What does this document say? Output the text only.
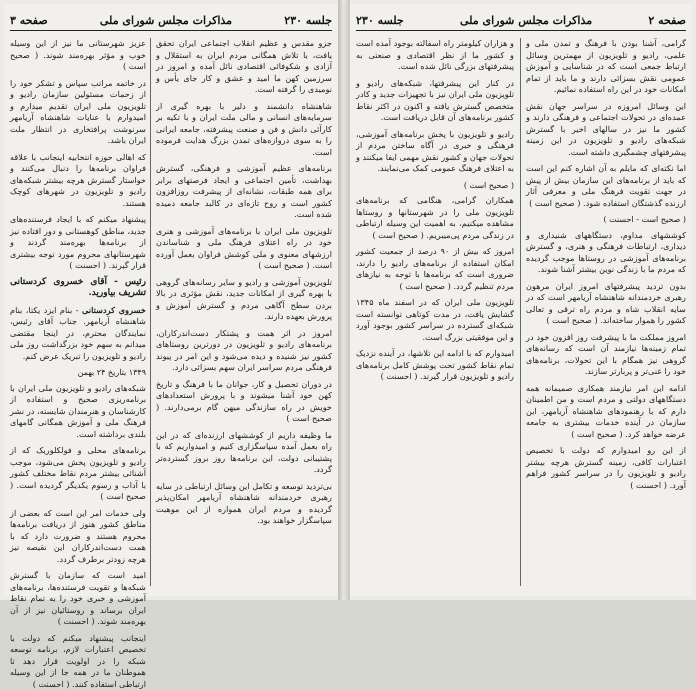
جلسه ۲۳۰
مذاکرات مجلس شورای ملی
صفحه ۳

جزو مقدس و عظیم انقلاب اجتماعی ایران تحقق یافت، با تلاش همگانی مردم ایران به استقلال و آزادی و شکوفائی اقتصادی نائل آمده و امروز در سرزمین کهن ما امید و عشق و کار جای یأس و نومیدی را گرفته است.

شاهنشاه دانشمند و دلیر با بهره گیری از سرمایه‌های انسانی و مالی ملت ایران و با تکیه بر کارآئی دانش و فن و صنعت پیشرفته، جامعه ایرانی را به سوی دروازه‌های تمدن بزرگ هدایت فرموده است.

برنامه‌های عظیم آموزشی و فرهنگی، گسترش بهداشت، تأمین اجتماعی و ایجاد فرصتهای برابر برای همه طبقات، نشانه‌ای از پیشرفت روزافزون کشور است و روح تازه‌ای در کالبد جامعه دمیده شده است.

تلویزیون ملی ایران با برنامه‌های آموزشی و هنری خود در راه اعتلای فرهنگ ملی و شناساندن ارزشهای معنوی و ملی کوشش فراوان بعمل آورده است. ( صحیح است )

تلویزیون آموزشی و رادیو و سایر رسانه‌های گروهی با بهره گیری از امکانات جدید، نقش مؤثری در بالا بردن سطح آگاهی مردم و گسترش آموزش و پرورش بعهده دارند.

امروز در اثر همت و پشتکار دست‌اندرکاران، برنامه‌های رادیو و تلویزیون در دورترین روستاهای کشور نیز شنیده و دیده می‌شود و این امر در پیوند فرهنگی مردم سراسر ایران سهم بسزائی دارد.

در دوران تحصیل و کار، جوانان ما با فرهنگ و تاریخ کهن خود آشنا میشوند و با پرورش استعدادهای خویش در راه سازندگی میهن گام برمی‌دارند. ( صحیح است )

ما وظیفه داریم از کوششهای ارزنده‌ای که در این راه بعمل آمده سپاسگزاری کنیم و امیدواریم که با پشتیبانی دولت، این برنامه‌ها روز بروز گسترده‌تر گردد.

بی‌تردید توسعه و تکامل این وسائل ارتباطی در سایه رهبری خردمندانه شاهنشاه آریامهر امکان‌پذیر گردیده و مردم ایران همواره از این موهبت سپاسگزار خواهند بود.

عزیز شهرستانی ما نیز از این وسیله خوب و مؤثر بهره‌مند شوند. ( صحیح است )

در خاتمه مراتب سپاس و تشکر خود را از زحمات مسئولین سازمان رادیو و تلویزیون ملی ایران تقدیم میدارم و امیدوارم با عنایات شاهنشاه آریامهر سرنوشت پرافتخاری در انتظار ملت ایران باشد.

که اهالی حوزه انتخابیه اینجانب با علاقه فراوان برنامه‌ها را دنبال می‌کنند و خواستار گسترش هرچه بیشتر شبکه‌های رادیو و تلویزیون در شهرهای کوچک هستند.

پیشنهاد میکنم که با ایجاد فرستنده‌های جدید، مناطق کوهستانی و دور افتاده نیز از برنامه‌ها بهره‌مند گردند و شهرستانهای محروم مورد توجه بیشتری قرار گیرند. ( احسنت )

رئیس - آقای خسروی کردستانی تشریف بیاورید.

خسروی کردستانی - بنام ایزد یکتا، بنام شاهنشاه آریامهر. جناب آقای رئیس، نمایندگان محترم، در اینجا مقتضی میدانم به سهم خود بزرگداشت روز ملی رادیو و تلویزیون را تبریک عرض کنم.

۱۳۴۹ بتاریخ ۲۴ بهمن

شبکه‌های رادیو و تلویزیون ملی ایران با برنامه‌ریزی صحیح و استفاده از کارشناسان و هنرمندان شایسته، در نشر فرهنگ ملی و آموزش همگانی گامهای بلندی برداشته است.

برنامه‌های محلی و فولکلوریک که از رادیو و تلویزیون پخش می‌شود، موجب آشنائی بیشتر مردم نقاط مختلف کشور با آداب و رسوم یکدیگر گردیده است. ( صحیح است )

ولی خدمات امر این است که بعضی از مناطق کشور هنوز از دریافت برنامه‌ها محروم هستند و ضرورت دارد که با همت دست‌اندرکاران این نقیصه نیز هرچه زودتر برطرف گردد.

امید است که سازمان با گسترش شبکه‌ها و تقویت فرستنده‌ها، برنامه‌های آموزشی و خبری خود را به تمام نقاط ایران برساند و روستائیان نیز از آن بهره‌مند شوند. ( احسنت )

اینجانب پیشنهاد میکنم که دولت با تخصیص اعتبارات لازم، برنامه توسعه شبکه را در اولویت قرار دهد تا هموطنان ما در همه جا از این وسیله ارتباطی استفاده کنند. ( احسنت )

صفحه ۲
مذاکرات مجلس شورای ملی
جلسه ۲۳۰

گرامی، آشنا بودن با فرهنگ و تمدن ملی و علمی، رادیو و تلویزیون از مهمترین وسائل ارتباط جمعی است که در شناسایی و آموزش عمومی نقش بسزائی دارند و ما باید از تمام امکانات خود در این راه استفاده نمائیم.

این وسائل امروزه در سراسر جهان نقش عمده‌ای در تحولات اجتماعی و فرهنگی دارند و کشور ما نیز در سالهای اخیر با گسترش شبکه‌های رادیو و تلویزیون در این زمینه پیشرفتهای چشمگیری داشته است.

اما نکته‌ای که مایلم به آن اشاره کنم این است که باید از برنامه‌های این سازمان بیش از پیش در جهت تقویت فرهنگ ملی و معرفی آثار ارزنده گذشتگان استفاده شود. ( صحیح است )

( صحیح است - احسنت )

کوششهای مداوم، دستگاههای شنیداری و دیداری، ارتباطات فرهنگی و هنری، و گسترش برنامه‌های آموزشی در روستاها موجب گردیده که مردم ما با زندگی نوین بیشتر آشنا شوند.

بدون تردید پیشرفتهای امروز ایران مرهون رهبری خردمندانه شاهنشاه آریامهر است که در سایه انقلاب شاه و مردم راه ترقی و تعالی کشور را هموار ساخته‌اند. ( صحیح است )

امروز مملکت ما با پیشرفت روز افزون خود در تمام زمینه‌ها نیازمند آن است که رسانه‌های گروهی نیز همگام با این تحولات، برنامه‌های خود را غنی‌تر و پربارتر سازند.

ادامه این امر نیازمند همکاری صمیمانه همه دستگاههای دولتی و مردم است و من اطمینان دارم که با رهنمودهای شاهنشاه آریامهر، این سازمان در آینده خدمات بیشتری به جامعه عرضه خواهد کرد. ( صحیح است )

از این رو امیدوارم که دولت با تخصیص اعتبارات کافی، زمینه گسترش هرچه بیشتر رادیو و تلویزیون را در سراسر کشور فراهم آورد. ( احسنت )

و هزاران کیلومتر راه اسفالته بوجود آمده است و کشور ما از نظر اقتصادی و صنعتی به پیشرفتهای بزرگی نائل شده است.

در کنار این پیشرفتها، شبکه‌های رادیو و تلویزیون ملی ایران نیز با تجهیزات جدید و کادر متخصص گسترش یافته و اکنون در اکثر نقاط کشور برنامه‌های آن قابل دریافت است.

رادیو و تلویزیون با پخش برنامه‌های آموزشی، فرهنگی و خبری در آگاه ساختن مردم از تحولات جهان و کشور نقش مهمی ایفا میکنند و به اعتلای فرهنگ عمومی کمک می‌نمایند.

( صحیح است )

همکاران گرامی، هنگامی که برنامه‌های تلویزیون ملی را در شهرستانها و روستاها مشاهده میکنیم، به اهمیت این وسیله ارتباطی در زندگی مردم پی‌میبریم. ( صحیح است )

امروز که بیش از ۹۰ درصد از جمعیت کشور امکان استفاده از برنامه‌های رادیو را دارند، ضروری است که برنامه‌ها با توجه به نیازهای مردم تنظیم گردد. ( صحیح است )

تلویزیون ملی ایران که در اسفند ماه ۱۳۴۵ گشایش یافت، در مدت کوتاهی توانسته است شبکه‌ای گسترده در سراسر کشور بوجود آورد و این موفقیتی بزرگ است.

امیدوارم که با ادامه این تلاشها، در آینده نزدیک تمام نقاط کشور تحت پوشش کامل برنامه‌های رادیو و تلویزیون قرار گیرند. ( احسنت )
